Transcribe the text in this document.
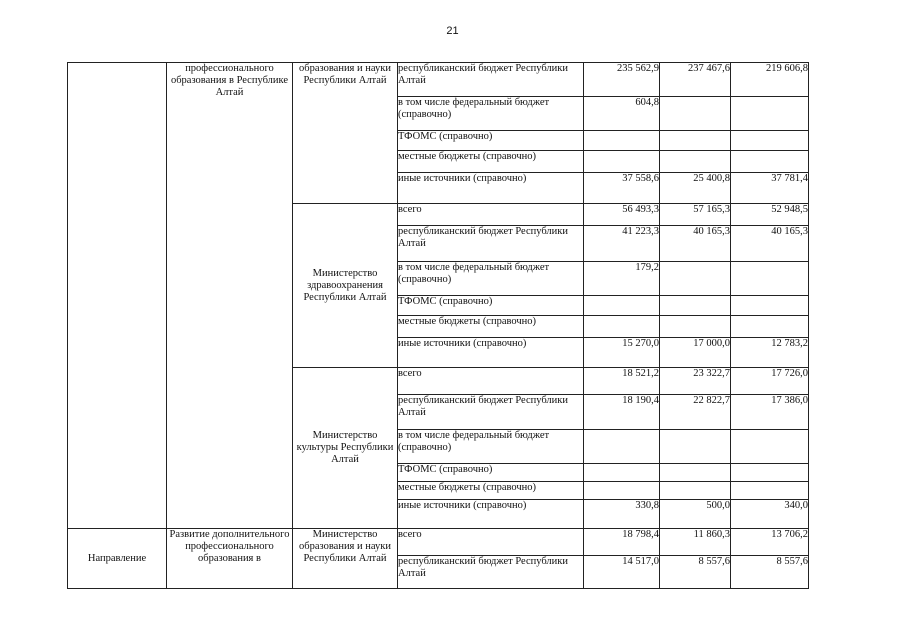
21
	профессионального образования в Республике Алтай	образования и науки Республики Алтай	республиканский бюджет Республики Алтай	235 562,9	237 467,6	219 606,8
			в том числе федеральный бюджет (справочно)	604,8		
			ТФОМС (справочно)			
			местные бюджеты (справочно)			
			иные источники (справочно)	37 558,6	25 400,8	37 781,4
		Министерство здравоохранения Республики Алтай	всего	56 493,3	57 165,3	52 948,5
			республиканский бюджет Республики Алтай	41 223,3	40 165,3	40 165,3
			в том числе федеральный бюджет (справочно)	179,2		
			ТФОМС (справочно)			
			местные бюджеты (справочно)			
			иные источники (справочно)	15 270,0	17 000,0	12 783,2
		Министерство культуры Республики Алтай	всего	18 521,2	23 322,7	17 726,0
			республиканский бюджет Республики Алтай	18 190,4	22 822,7	17 386,0
			в том числе федеральный бюджет (справочно)			
			ТФОМС (справочно)			
			местные бюджеты (справочно)			
			иные источники (справочно)	330,8	500,0	340,0
Направление	Развитие дополнительного профессионального образования в	Министерство образования и науки Республики Алтай	всего	18 798,4	11 860,3	13 706,2
			республиканский бюджет Республики Алтай	14 517,0	8 557,6	8 557,6
